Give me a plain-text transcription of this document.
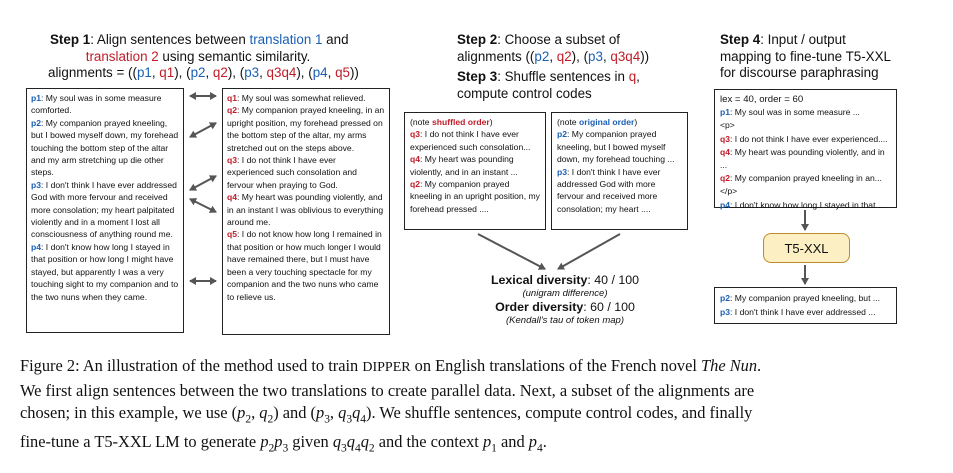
Step 1: Align sentences between translation 1 and
translation 2 using semantic similarity.
alignments = ((p1, q1), (p2, q2), (p3, q3q4), (p4, q5))

p1: My soul was in some measure comforted.

p2: My companion prayed kneeling, but I bowed myself down, my forehead touching the bottom step of the altar and my arm stretching up die other steps.

p3: I don't think I have ever addressed God with more fervour and received more consolation; my heart palpitated violently and in a moment I lost all consciousness of anything round me.

p4: I don't know how long I stayed in that position or how long I might have stayed, but apparently I was a very touching sight to my companion and to the two nuns when they came.

q1: My soul was somewhat relieved.

q2: My companion prayed kneeling, in an upright position, my forehead pressed on the bottom step of the altar, my arms stretched out on the steps above.

q3: I do not think I have ever experienced such consolation and fervour when praying to God.

q4: My heart was pounding violently, and in an instant I was oblivious to everything around me.

q5: I do not know how long I remained in that position or how much longer I would have remained there, but I must have been a very touching spectacle for my companion and the two nuns who came to relieve us.

Step 2: Choose a subset of
alignments ((p2, q2), (p3, q3q4))
Step 3: Shuffle sentences in q,
compute control codes

(note shuffled order)

q3: I do not think I have ever experienced such consolation...

q4: My heart was pounding violently, and in an instant ...

q2: My companion prayed kneeling in an upright position, my forehead pressed ....

(note original order)

p2: My companion prayed kneeling, but I bowed myself down, my forehead touching ...

p3: I don't think I have ever addressed God with more fervour and received more consolation; my heart ....

Lexical diversity: 40 / 100
(unigram difference)
Order diversity: 60 / 100
(Kendall's tau of token map)
Step 4: Input / output
mapping to fine-tune T5-XXL
for discourse paraphrasing

lex = 40, order = 60

p1: My soul was in some measure ...

<p>

q3: I do not think I have ever experienced....

q4: My heart was pounding violently, and in ...

q2: My companion prayed kneeling in an...

</p>

p4: I don't know how long I stayed in that ...

T5-XXL

p2: My companion prayed kneeling, but ...

p3: I don't think I have ever addressed ...

Figure 2: An illustration of the method used to train DIPPER on English translations of the French novel The Nun.
We first align sentences between the two translations to create parallel data. Next, a subset of the alignments are
chosen; in this example, we use ($p_2$, $q_2$) and ($p_3$, $q_3q_4$). We shuffle sentences, compute control codes, and finally
fine-tune a T5-XXL LM to generate $p_2p_3$ given $q_3q_4q_2$ and the context $p_1$ and $p_4$.
